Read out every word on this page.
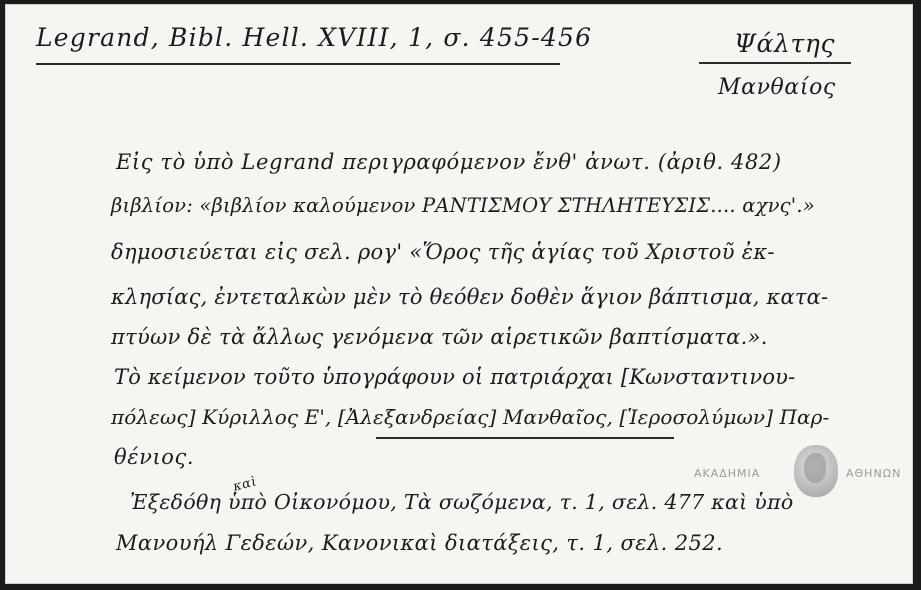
Legrand, Bibl. Hell. XVIII, 1, σ. 455-456	Ψάλτης
Μανθαίος
Εἰς τὸ ὑπὸ Legrand περιγραφόμενον ἔνθ' ἀνωτ. (ἀριθ. 482)
βιβλίον: «βιβλίον καλούμενον ΡΑΝΤΙΣΜΟΥ ΣΤΗΛΗΤΕΥΣΙΣ.... αχνς'.»
δημοσιεύεται εἰς σελ. ρογ' «Ὅρος τῆς ἁγίας τοῦ Χριστοῦ ἐκ-
κλησίας, ἐντεταλκὼν μὲν τὸ θεόθεν δοθὲν ἅγιον βάπτισμα, κατα-
πτύων δὲ τὰ ἄλλως γενόμενα τῶν αἱρετικῶν βαπτίσματα.».
Τὸ κείμενον τοῦτο ὑπογράφουν οἱ πατριάρχαι [Κωνσταντινου-
πόλεως] Κύριλλος Ε', [Ἀλεξανδρείας] Μανθαῖος, [Ἱεροσολύμων] Παρ-
θένιος.
καὶ
Ἐξεδόθη ὑπὸ Οἰκονόμου, Τὰ σωζόμενα, τ. 1, σελ. 477 καὶ ὑπὸ
Μανουήλ Γεδεών, Κανονικαὶ διατάξεις, τ. 1, σελ. 252.
ΑΚΑΔΗΜΙΑ	ΑΘΗΝΩΝ
